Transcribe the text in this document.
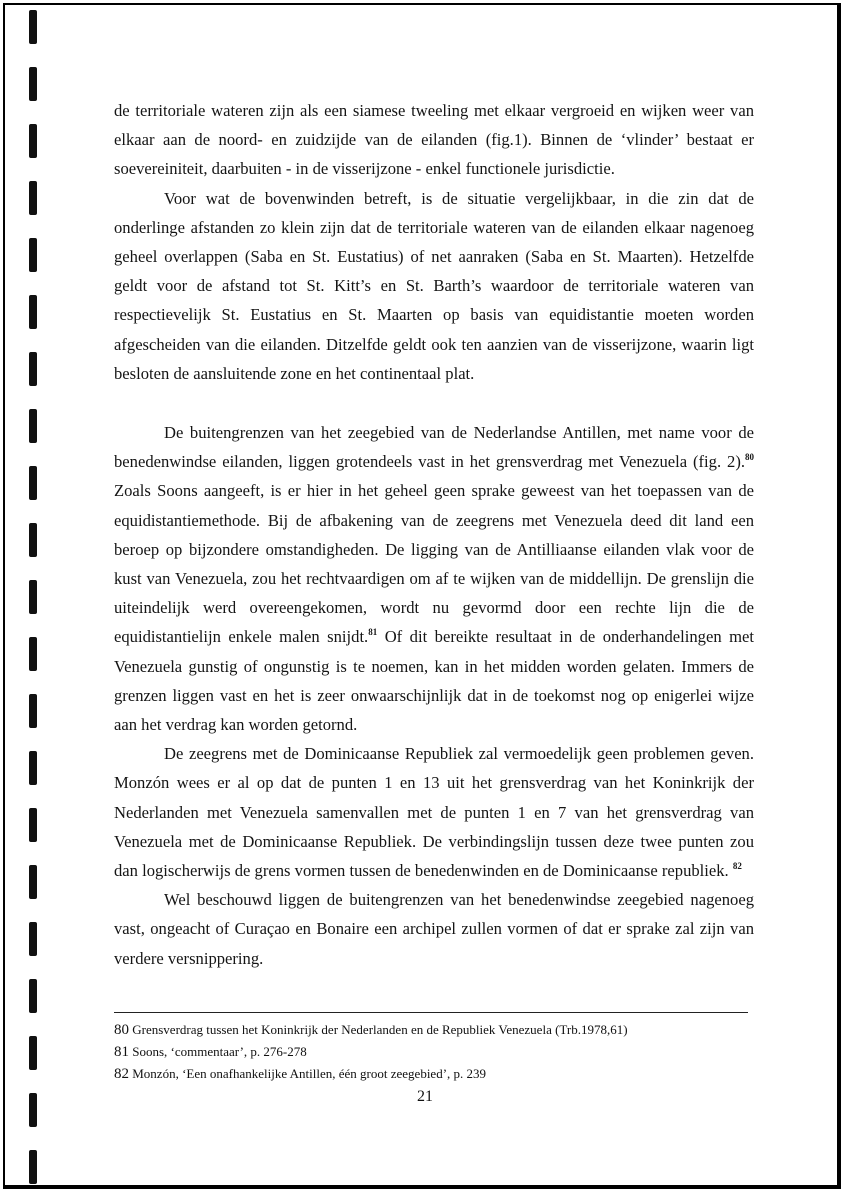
de territoriale wateren zijn als een siamese tweeling met elkaar vergroeid en wijken weer van elkaar aan de noord- en zuidzijde van de eilanden (fig.1). Binnen de ‘vlinder’ bestaat er soevereiniteit, daarbuiten - in de visserijzone - enkel functionele jurisdictie.

Voor wat de bovenwinden betreft, is de situatie vergelijkbaar, in die zin dat de onderlinge afstanden zo klein zijn dat de territoriale wateren van de eilanden elkaar nagenoeg geheel overlappen (Saba en St. Eustatius) of net aanraken (Saba en St. Maarten). Hetzelfde geldt voor de afstand tot St. Kitt’s en St. Barth’s waardoor de territoriale wateren van respectievelijk St. Eustatius en St. Maarten op basis van equidistantie moeten worden afgescheiden van die eilanden. Ditzelfde geldt ook ten aanzien van de visserijzone, waarin ligt besloten de aansluitende zone en het continentaal plat.

De buitengrenzen van het zeegebied van de Nederlandse Antillen, met name voor de benedenwindse eilanden, liggen grotendeels vast in het grensverdrag met Venezuela (fig. 2).$^{80}$ Zoals Soons aangeeft, is er hier in het geheel geen sprake geweest van het toepassen van de equidistantiemethode. Bij de afbakening van de zeegrens met Venezuela deed dit land een beroep op bijzondere omstandigheden. De ligging van de Antilliaanse eilanden vlak voor de kust van Venezuela, zou het rechtvaardigen om af te wijken van de middellijn. De grenslijn die uiteindelijk werd overeengekomen, wordt nu gevormd door een rechte lijn die de equidistantielijn enkele malen snijdt.$^{81}$ Of dit bereikte resultaat in de onderhandelingen met Venezuela gunstig of ongunstig is te noemen, kan in het midden worden gelaten. Immers de grenzen liggen vast en het is zeer onwaarschijnlijk dat in de toekomst nog op enigerlei wijze aan het verdrag kan worden getornd.

De zeegrens met de Dominicaanse Republiek zal vermoedelijk geen problemen geven. Monzón wees er al op dat de punten 1 en 13 uit het grensverdrag van het Koninkrijk der Nederlanden met Venezuela samenvallen met de punten 1 en 7 van het grensverdrag van Venezuela met de Dominicaanse Republiek. De verbindingslijn tussen deze twee punten zou dan logischerwijs de grens vormen tussen de benedenwinden en de Dominicaanse republiek. $^{82}$

Wel beschouwd liggen de buitengrenzen van het benedenwindse zeegebied nagenoeg vast, ongeacht of Curaçao en Bonaire een archipel zullen vormen of dat er sprake zal zijn van verdere versnippering.

80 Grensverdrag tussen het Koninkrijk der Nederlanden en de Republiek Venezuela (Trb.1978,61)
81 Soons, ‘commentaar’, p. 276-278
82 Monzón, ‘Een onafhankelijke Antillen, één groot zeegebied’, p. 239
21
